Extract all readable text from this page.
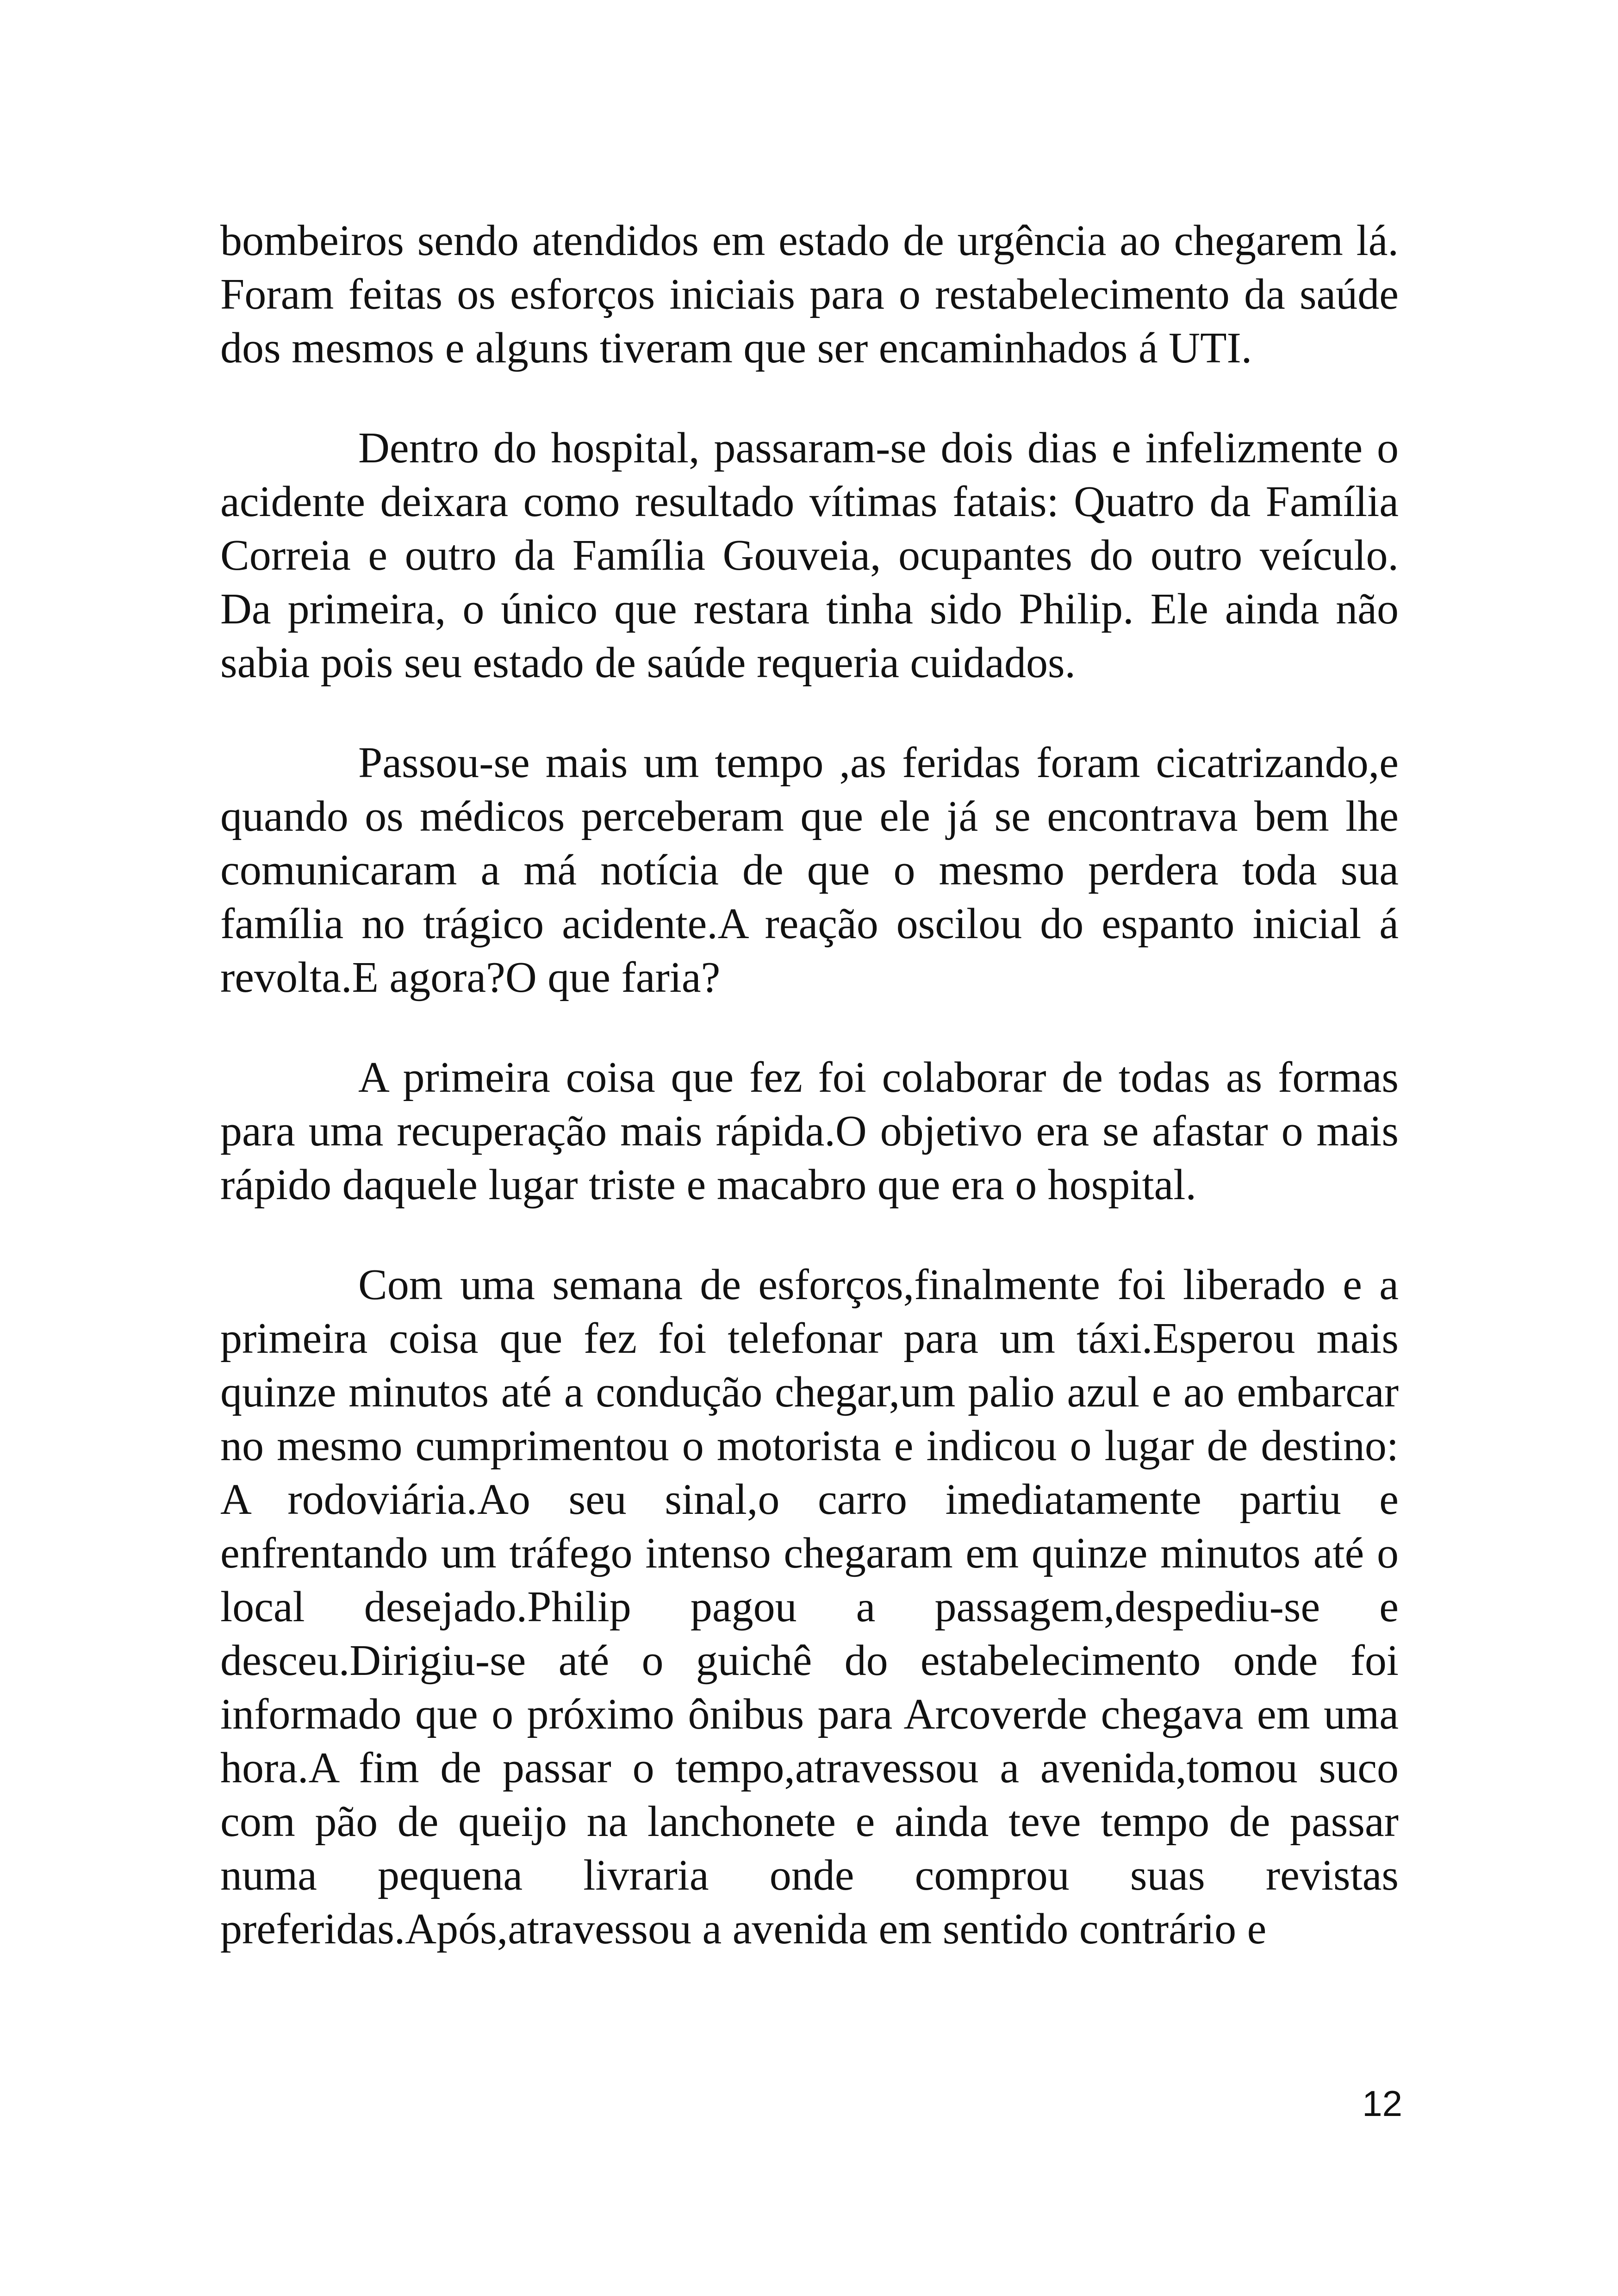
bombeiros sendo atendidos em estado de urgência ao chegarem lá. Foram feitas os esforços iniciais para o restabelecimento da saúde dos mesmos e alguns tiveram que ser encaminhados á UTI.

Dentro do hospital, passaram-se dois dias e infelizmente o acidente deixara como resultado vítimas fatais: Quatro da Família Correia e outro da Família Gouveia, ocupantes do outro veículo. Da primeira, o único que restara tinha sido Philip. Ele ainda não sabia pois seu estado de saúde requeria cuidados.

Passou-se mais um tempo ,as feridas foram cicatrizando,e quando os médicos perceberam que ele já se encontrava bem lhe comunicaram a má notícia de que o mesmo perdera toda sua família no trágico acidente.A reação oscilou do espanto inicial á revolta.E agora?O que faria?

A primeira coisa que fez foi colaborar de todas as formas para uma recuperação mais rápida.O objetivo era se afastar o mais rápido daquele lugar triste e macabro que era o hospital.

Com uma semana de esforços,finalmente foi liberado e a primeira coisa que fez foi telefonar para um táxi.Esperou mais quinze minutos até a condução chegar,um palio azul e ao embarcar no mesmo cumprimentou o motorista e indicou o lugar de destino: A rodoviária.Ao seu sinal,o carro imediatamente partiu e enfrentando um tráfego intenso chegaram em quinze minutos até o local desejado.Philip pagou a passagem,despediu-se e desceu.Dirigiu-se até o guichê do estabelecimento onde foi informado que o próximo ônibus para Arcoverde chegava em uma hora.A fim de passar o tempo,atravessou a avenida,tomou suco com pão de queijo na lanchonete e ainda teve tempo de passar numa pequena livraria onde comprou suas revistas preferidas.Após,atravessou a avenida em sentido contrário e

12
